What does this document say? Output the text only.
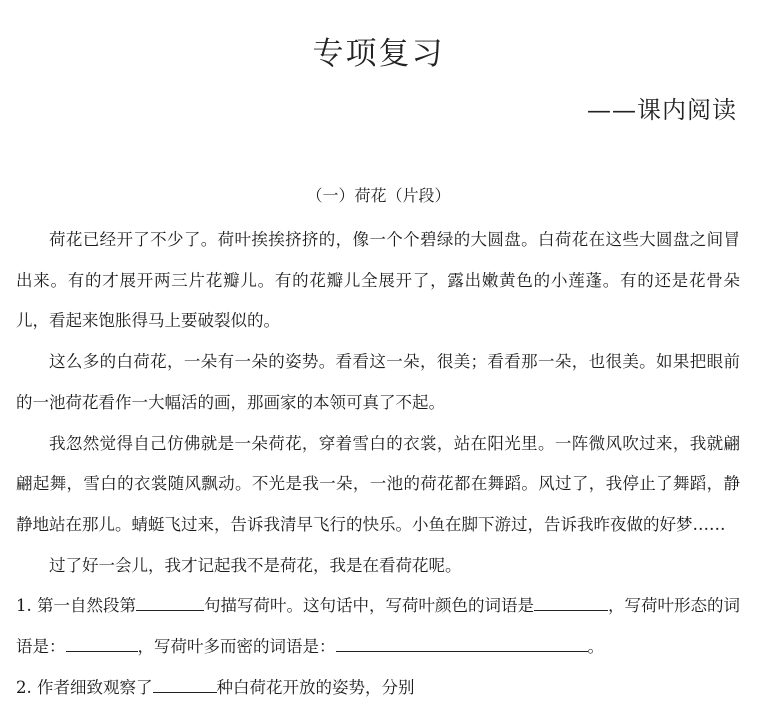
专项复习
——课内阅读
（一）荷花（片段）

荷花已经开了不少了。荷叶挨挨挤挤的，像一个个碧绿的大圆盘。白荷花在这些大圆盘之间冒出来。有的才展开两三片花瓣儿。有的花瓣儿全展开了，露出嫩黄色的小莲蓬。有的还是花骨朵儿，看起来饱胀得马上要破裂似的。

这么多的白荷花，一朵有一朵的姿势。看看这一朵，很美；看看那一朵，也很美。如果把眼前的一池荷花看作一大幅活的画，那画家的本领可真了不起。

我忽然觉得自己仿佛就是一朵荷花，穿着雪白的衣裳，站在阳光里。一阵微风吹过来，我就翩翩起舞，雪白的衣裳随风飘动。不光是我一朵，一池的荷花都在舞蹈。风过了，我停止了舞蹈，静静地站在那儿。蜻蜓飞过来，告诉我清早飞行的快乐。小鱼在脚下游过，告诉我昨夜做的好梦……

过了好一会儿，我才记起我不是荷花，我是在看荷花呢。

1. 第一自然段第	句描写荷叶。这句话中，写荷叶颜色的词语是	，写荷叶形态的词语是：	，写荷叶多而密的词语是：	。
2. 作者细致观察了	种白荷花开放的姿势，分别
